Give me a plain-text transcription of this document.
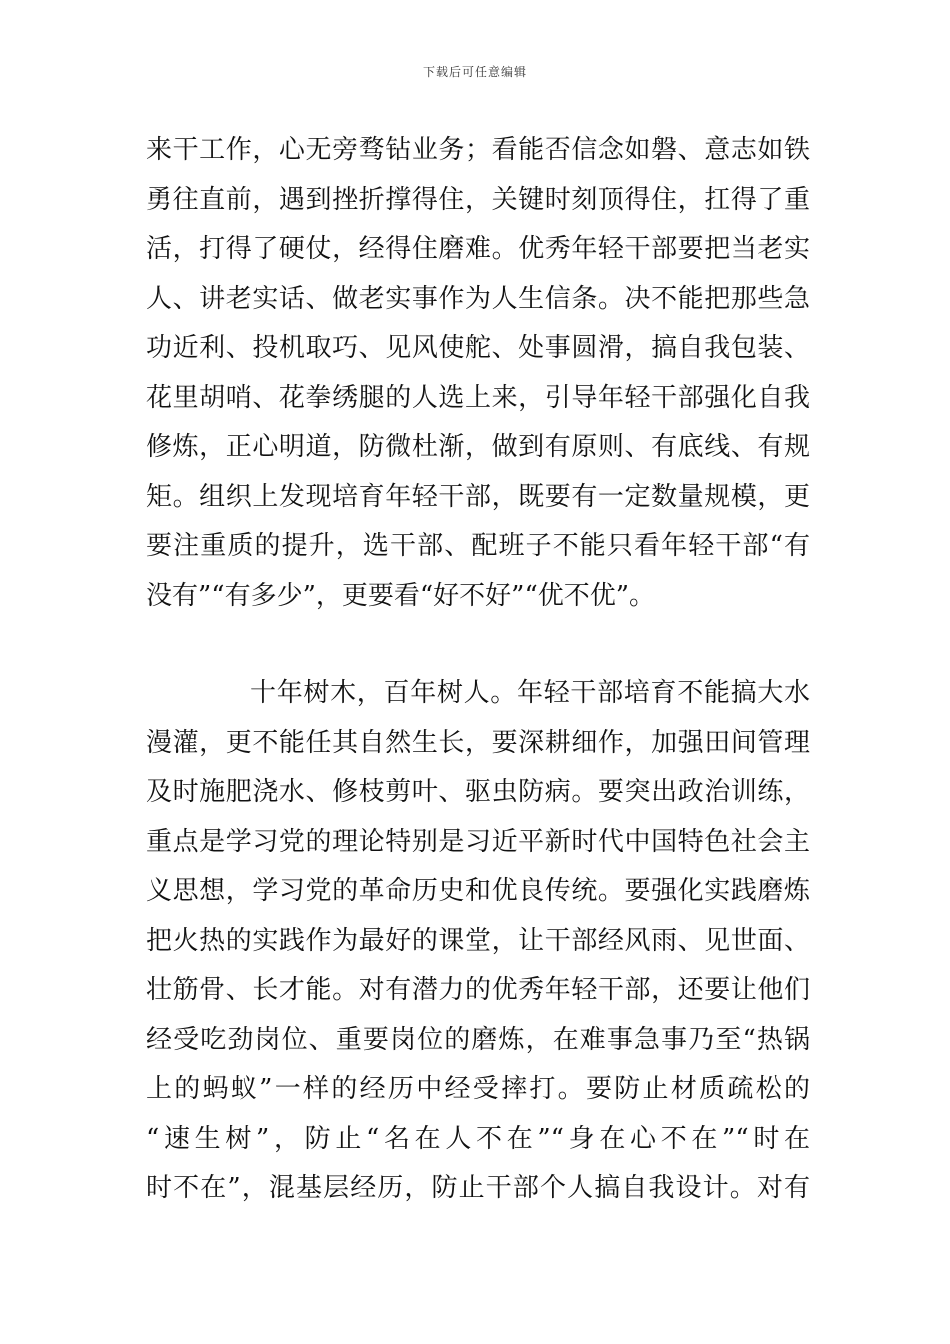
下载后可任意编辑
来干工作，心无旁骛钻业务；看能否信念如磐、意志如铁
勇往直前，遇到挫折撑得住，关键时刻顶得住，扛得了重
活，打得了硬仗，经得住磨难。优秀年轻干部要把当老实
人、讲老实话、做老实事作为人生信条。决不能把那些急
功近利、投机取巧、见风使舵、处事圆滑，搞自我包装、
花里胡哨、花拳绣腿的人选上来，引导年轻干部强化自我
修炼，正心明道，防微杜渐，做到有原则、有底线、有规
矩。组织上发现培育年轻干部，既要有一定数量规模，更
要注重质的提升，选干部、配班子不能只看年轻干部“有
没有”“有多少”，更要看“好不好”“优不优”。
十年树木，百年树人。年轻干部培育不能搞大水
漫灌，更不能任其自然生长，要深耕细作，加强田间管理
及时施肥浇水、修枝剪叶、驱虫防病。要突出政治训练，
重点是学习党的理论特别是习近平新时代中国特色社会主
义思想，学习党的革命历史和优良传统。要强化实践磨炼
把火热的实践作为最好的课堂，让干部经风雨、见世面、
壮筋骨、长才能。对有潜力的优秀年轻干部，还要让他们
经受吃劲岗位、重要岗位的磨炼，在难事急事乃至“热锅
上的蚂蚁”一样的经历中经受摔打。要防止材质疏松的
“速生树”，防止“名在人不在”“身在心不在”“时在
时不在”，混基层经历，防止干部个人搞自我设计。对有
